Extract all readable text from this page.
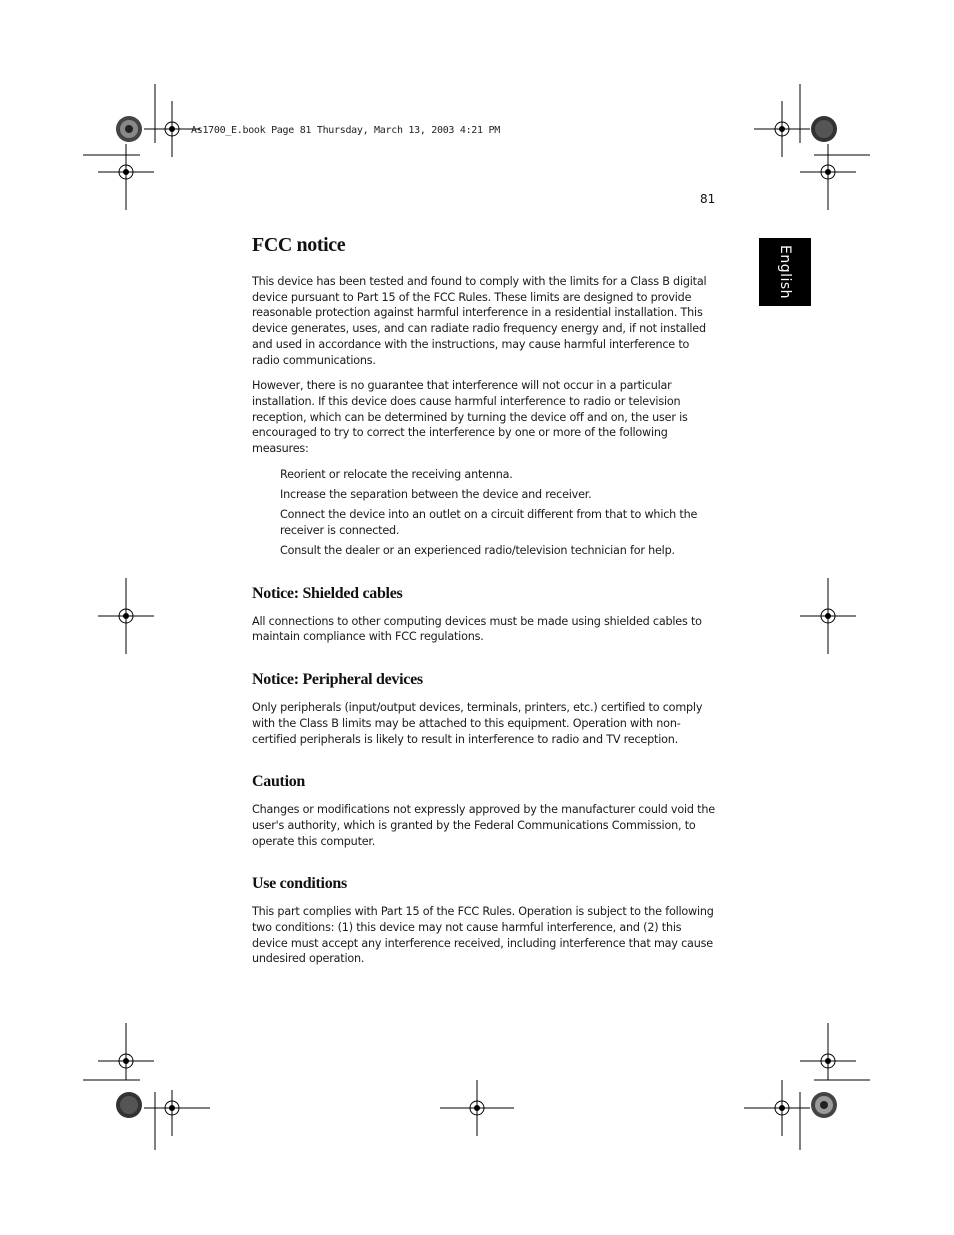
As1700_E.book Page 81 Thursday, March 13, 2003 4:21 PM
81
English
FCC notice

This device has been tested and found to comply with the limits for a Class B digital device pursuant to Part 15 of the FCC Rules. These limits are designed to provide reasonable protection against harmful interference in a residential installation. This device generates, uses, and can radiate radio frequency energy and, if not installed and used in accordance with the instructions, may cause harmful interference to radio communications.

However, there is no guarantee that interference will not occur in a particular installation. If this device does cause harmful interference to radio or television reception, which can be determined by turning the device off and on, the user is encouraged to try to correct the interference by one or more of the following measures:

Reorient or relocate the receiving antenna.
Increase the separation between the device and receiver.
Connect the device into an outlet on a circuit different from that to which the receiver is connected.
Consult the dealer or an experienced radio/television technician for help.
Notice: Shielded cables

All connections to other computing devices must be made using shielded cables to maintain compliance with FCC regulations.

Notice: Peripheral devices

Only peripherals (input/output devices, terminals, printers, etc.) certified to comply with the Class B limits may be attached to this equipment. Operation with non-certified peripherals is likely to result in interference to radio and TV reception.

Caution

Changes or modifications not expressly approved by the manufacturer could void the user's authority, which is granted by the Federal Communications Commission, to operate this computer.

Use conditions

This part complies with Part 15 of the FCC Rules. Operation is subject to the following two conditions: (1) this device may not cause harmful interference, and (2) this device must accept any interference received, including interference that may cause undesired operation.
